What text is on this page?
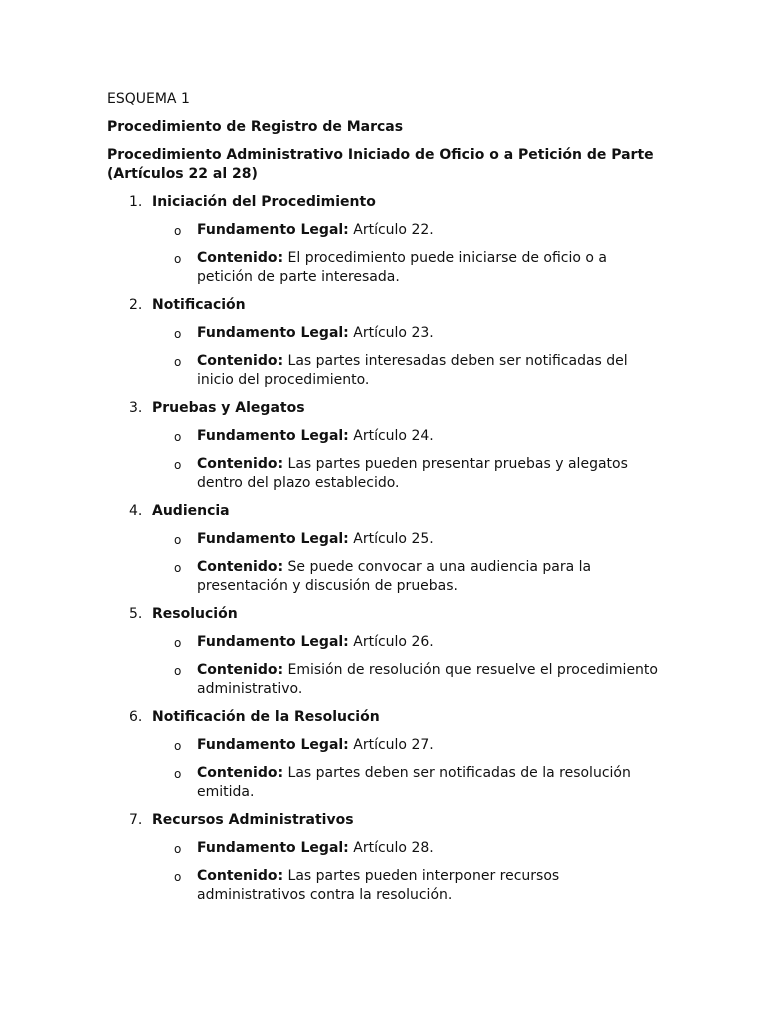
ESQUEMA 1

Procedimiento de Registro de Marcas

Procedimiento Administrativo Iniciado de Oficio o a Petición de Parte (Artículos 22 al 28)

1. Iniciación del Procedimiento
o Fundamento Legal: Artículo 22.
o Contenido: El procedimiento puede iniciarse de oficio o a petición de parte interesada.
2. Notificación
o Fundamento Legal: Artículo 23.
o Contenido: Las partes interesadas deben ser notificadas del inicio del procedimiento.
3. Pruebas y Alegatos
o Fundamento Legal: Artículo 24.
o Contenido: Las partes pueden presentar pruebas y alegatos dentro del plazo establecido.
4. Audiencia
o Fundamento Legal: Artículo 25.
o Contenido: Se puede convocar a una audiencia para la presentación y discusión de pruebas.
5. Resolución
o Fundamento Legal: Artículo 26.
o Contenido: Emisión de resolución que resuelve el procedimiento administrativo.
6. Notificación de la Resolución
o Fundamento Legal: Artículo 27.
o Contenido: Las partes deben ser notificadas de la resolución emitida.
7. Recursos Administrativos
o Fundamento Legal: Artículo 28.
o Contenido: Las partes pueden interponer recursos administrativos contra la resolución.
